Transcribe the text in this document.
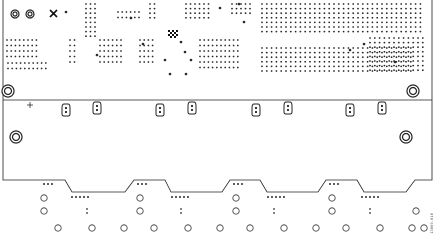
13069-010
